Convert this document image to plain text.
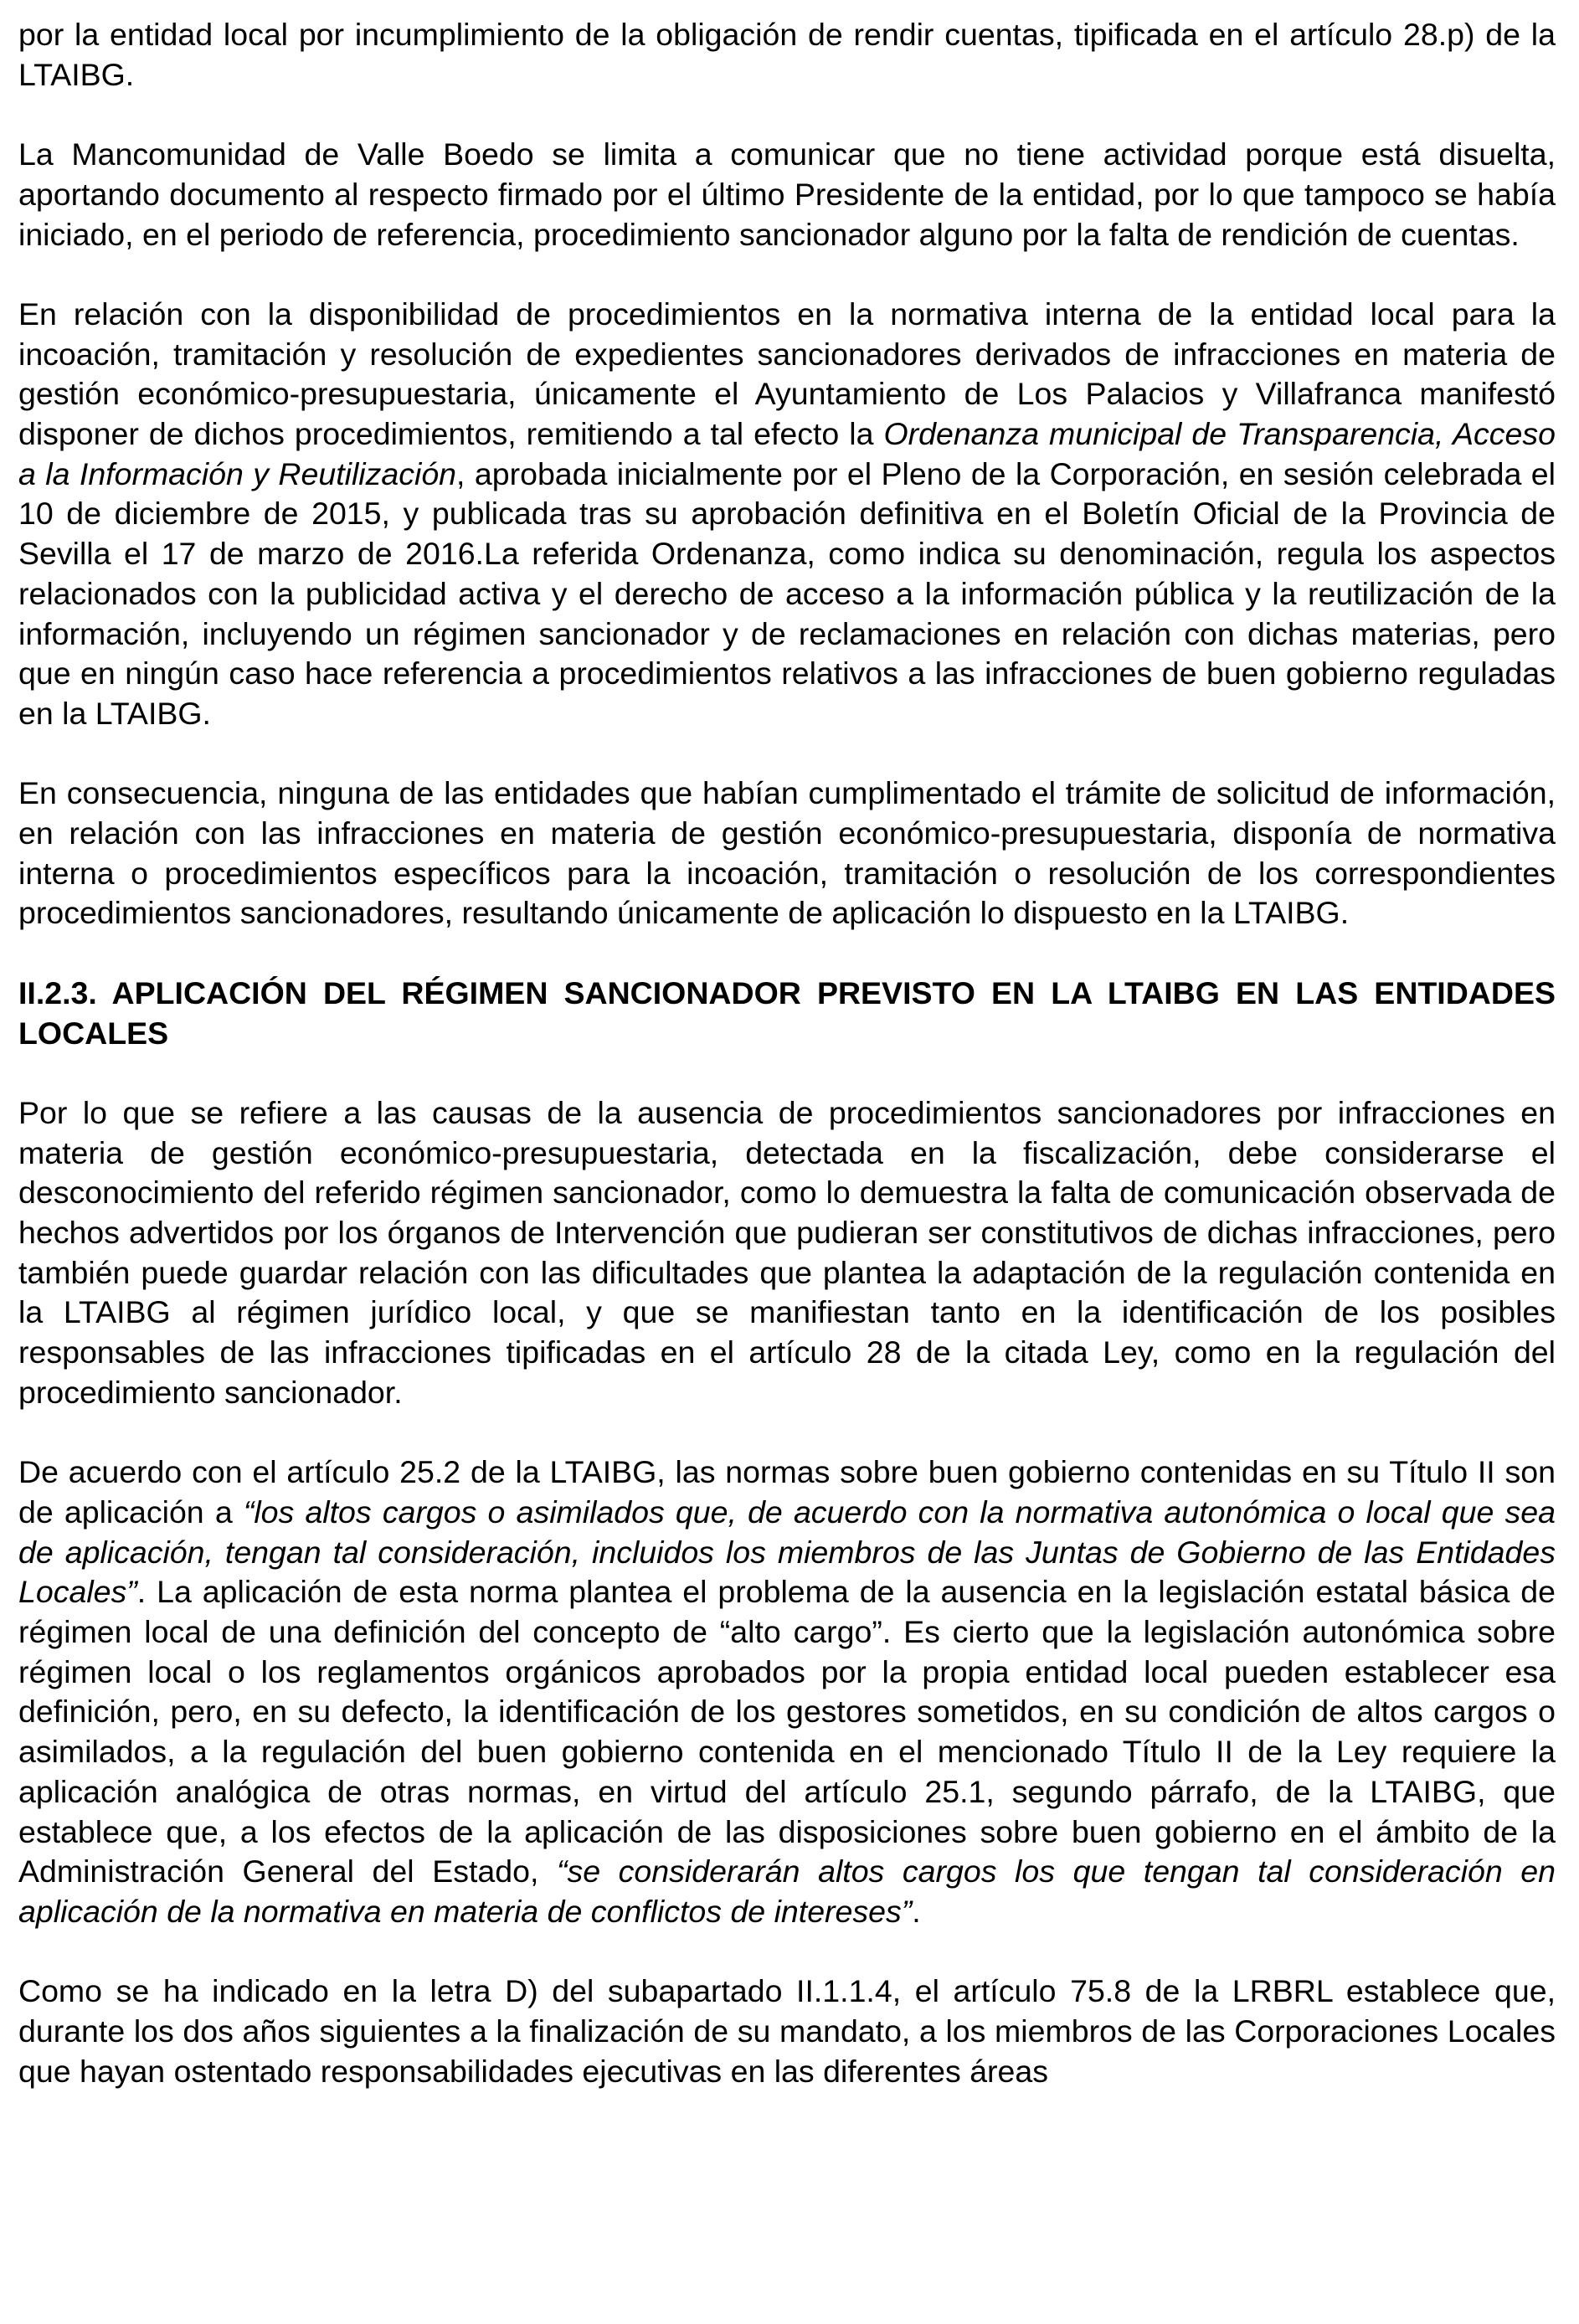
por la entidad local por incumplimiento de la obligación de rendir cuentas, tipificada en el artículo 28.p) de la LTAIBG.

La Mancomunidad de Valle Boedo se limita a comunicar que no tiene actividad porque está disuelta, aportando documento al respecto firmado por el último Presidente de la entidad, por lo que tampoco se había iniciado, en el periodo de referencia, procedimiento sancionador alguno por la falta de rendición de cuentas.

En relación con la disponibilidad de procedimientos en la normativa interna de la entidad local para la incoación, tramitación y resolución de expedientes sancionadores derivados de infracciones en materia de gestión económico-presupuestaria, únicamente el Ayuntamiento de Los Palacios y Villafranca manifestó disponer de dichos procedimientos, remitiendo a tal efecto la Ordenanza municipal de Transparencia, Acceso a la Información y Reutilización, aprobada inicialmente por el Pleno de la Corporación, en sesión celebrada el 10 de diciembre de 2015, y publicada tras su aprobación definitiva en el Boletín Oficial de la Provincia de Sevilla el 17 de marzo de 2016.La referida Ordenanza, como indica su denominación, regula los aspectos relacionados con la publicidad activa y el derecho de acceso a la información pública y la reutilización de la información, incluyendo un régimen sancionador y de reclamaciones en relación con dichas materias, pero que en ningún caso hace referencia a procedimientos relativos a las infracciones de buen gobierno reguladas en la LTAIBG.

En consecuencia, ninguna de las entidades que habían cumplimentado el trámite de solicitud de información, en relación con las infracciones en materia de gestión económico-presupuestaria, disponía de normativa interna o procedimientos específicos para la incoación, tramitación o resolución de los correspondientes procedimientos sancionadores, resultando únicamente de aplicación lo dispuesto en la LTAIBG.

II.2.3. APLICACIÓN DEL RÉGIMEN SANCIONADOR PREVISTO EN LA LTAIBG EN LAS ENTIDADES LOCALES

Por lo que se refiere a las causas de la ausencia de procedimientos sancionadores por infracciones en materia de gestión económico-presupuestaria, detectada en la fiscalización, debe considerarse el desconocimiento del referido régimen sancionador, como lo demuestra la falta de comunicación observada de hechos advertidos por los órganos de Intervención que pudieran ser constitutivos de dichas infracciones, pero también puede guardar relación con las dificultades que plantea la adaptación de la regulación contenida en la LTAIBG al régimen jurídico local, y que se manifiestan tanto en la identificación de los posibles responsables de las infracciones tipificadas en el artículo 28 de la citada Ley, como en la regulación del procedimiento sancionador.

De acuerdo con el artículo 25.2 de la LTAIBG, las normas sobre buen gobierno contenidas en su Título II son de aplicación a “los altos cargos o asimilados que, de acuerdo con la normativa autonómica o local que sea de aplicación, tengan tal consideración, incluidos los miembros de las Juntas de Gobierno de las Entidades Locales”. La aplicación de esta norma plantea el problema de la ausencia en la legislación estatal básica de régimen local de una definición del concepto de “alto cargo”. Es cierto que la legislación autonómica sobre régimen local o los reglamentos orgánicos aprobados por la propia entidad local pueden establecer esa definición, pero, en su defecto, la identificación de los gestores sometidos, en su condición de altos cargos o asimilados, a la regulación del buen gobierno contenida en el mencionado Título II de la Ley requiere la aplicación analógica de otras normas, en virtud del artículo 25.1, segundo párrafo, de la LTAIBG, que establece que, a los efectos de la aplicación de las disposiciones sobre buen gobierno en el ámbito de la Administración General del Estado, “se considerarán altos cargos los que tengan tal consideración en aplicación de la normativa en materia de conflictos de intereses”.

Como se ha indicado en la letra D) del subapartado II.1.1.4, el artículo 75.8 de la LRBRL establece que, durante los dos años siguientes a la finalización de su mandato, a los miembros de las Corporaciones Locales que hayan ostentado responsabilidades ejecutivas en las diferentes áreas
